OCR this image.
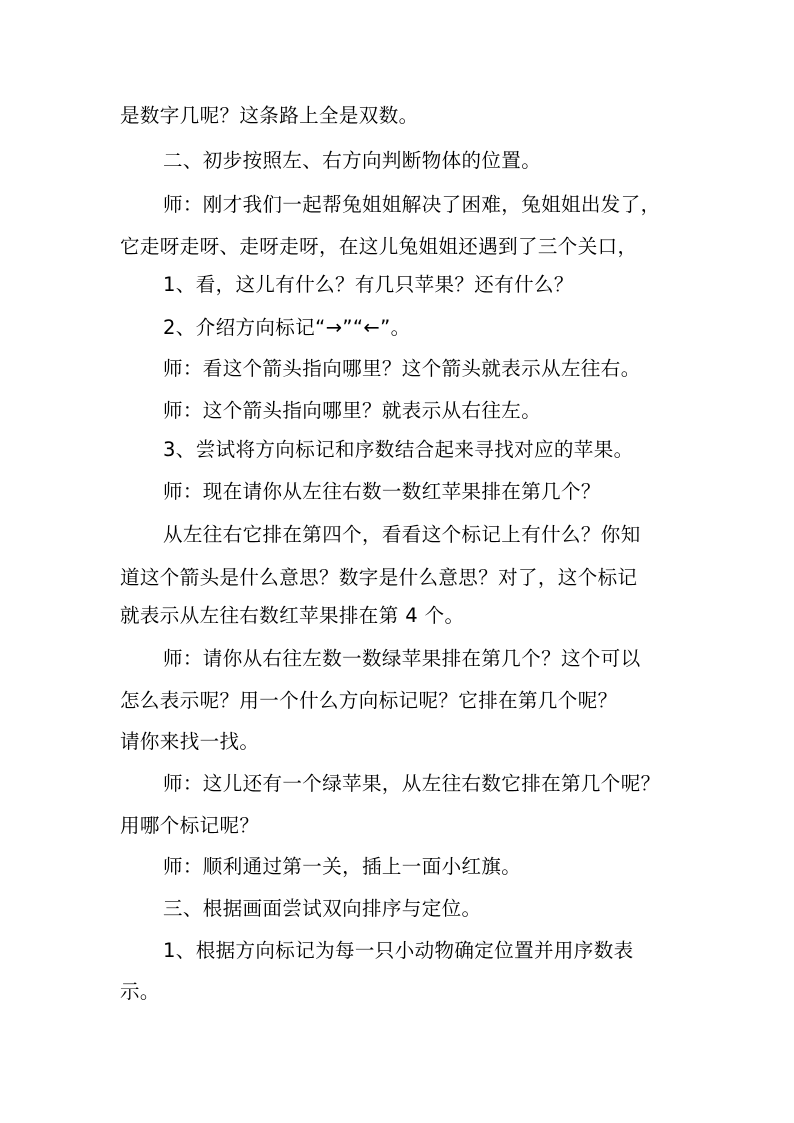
是数字几呢？这条路上全是双数。
二、初步按照左、右方向判断物体的位置。
师：刚才我们一起帮兔姐姐解决了困难，兔姐姐出发了，
它走呀走呀、走呀走呀，在这儿兔姐姐还遇到了三个关口，
1、看，这儿有什么？有几只苹果？还有什么？
2、介绍方向标记“→”“←”。
师：看这个箭头指向哪里？这个箭头就表示从左往右。
师：这个箭头指向哪里？就表示从右往左。
3、尝试将方向标记和序数结合起来寻找对应的苹果。
师：现在请你从左往右数一数红苹果排在第几个？
从左往右它排在第四个，看看这个标记上有什么？你知
道这个箭头是什么意思？数字是什么意思？对了，这个标记
就表示从左往右数红苹果排在第 4 个。
师：请你从右往左数一数绿苹果排在第几个？这个可以
怎么表示呢？用一个什么方向标记呢？它排在第几个呢？
请你来找一找。
师：这儿还有一个绿苹果，从左往右数它排在第几个呢？
用哪个标记呢？
师：顺利通过第一关，插上一面小红旗。
三、根据画面尝试双向排序与定位。
1、根据方向标记为每一只小动物确定位置并用序数表
示。
